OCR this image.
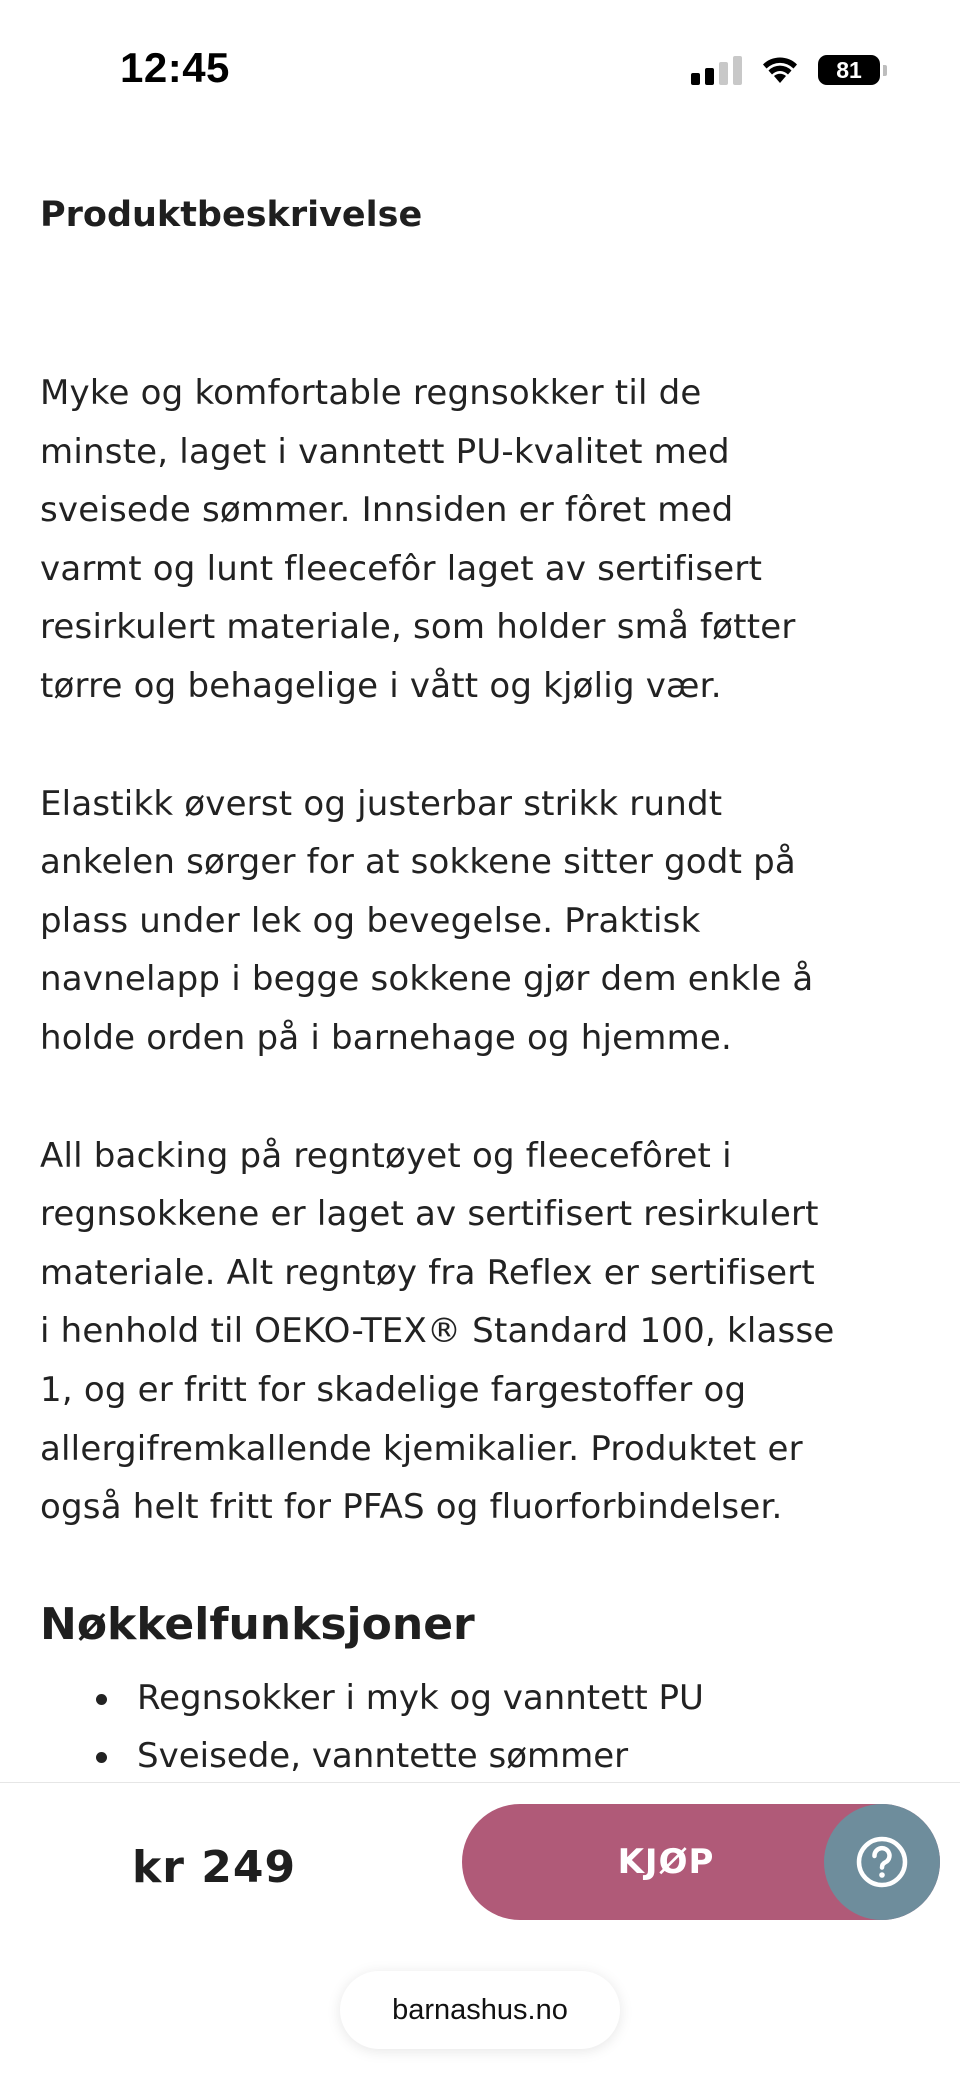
12:45	81
Produktbeskrivelse

Myke og komfortable regnsokker til de
minste, laget i vanntett PU-kvalitet med
sveisede sømmer. Innsiden er fôret med
varmt og lunt fleecefôr laget av sertifisert
resirkulert materiale, som holder små føtter
tørre og behagelige i vått og kjølig vær.

Elastikk øverst og justerbar strikk rundt
ankelen sørger for at sokkene sitter godt på
plass under lek og bevegelse. Praktisk
navnelapp i begge sokkene gjør dem enkle å
holde orden på i barnehage og hjemme.

All backing på regntøyet og fleecefôret i
regnsokkene er laget av sertifisert resirkulert
materiale. Alt regntøy fra Reflex er sertifisert
i henhold til OEKO-TEX® Standard 100, klasse
1, og er fritt for skadelige fargestoffer og
allergifremkallende kjemikalier. Produktet er
også helt fritt for PFAS og fluorforbindelser.

Nøkkelfunksjoner
Regnsokker i myk og vanntett PU
Sveisede, vanntette sømmer
kr 249	KJØP
barnashus.no
